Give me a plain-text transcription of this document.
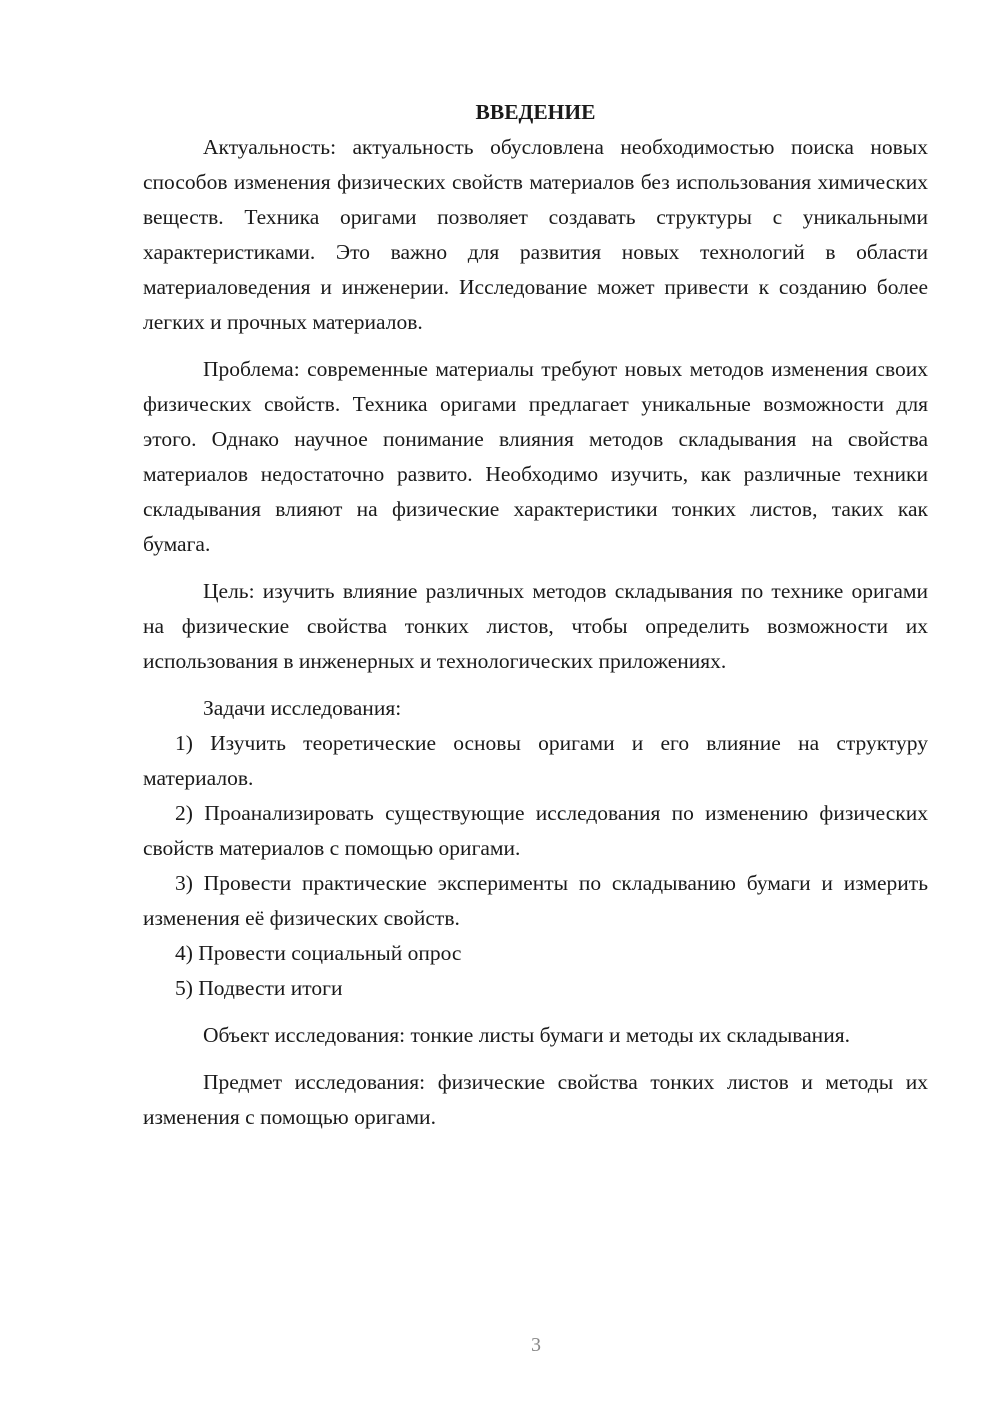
ВВЕДЕНИЕ

Актуальность: актуальность обусловлена необходимостью поиска новых способов изменения физических свойств материалов без использования химических веществ. Техника оригами позволяет создавать структуры с уникальными характеристиками. Это важно для развития новых технологий в области материаловедения и инженерии. Исследование может привести к созданию более легких и прочных материалов.

Проблема: современные материалы требуют новых методов изменения своих физических свойств. Техника оригами предлагает уникальные возможности для этого. Однако научное понимание влияния методов складывания на свойства материалов недостаточно развито. Необходимо изучить, как различные техники складывания влияют на физические характеристики тонких листов, таких как бумага.

Цель: изучить влияние различных методов складывания по технике оригами на физические свойства тонких листов, чтобы определить возможности их использования в инженерных и технологических приложениях.

Задачи исследования:

1) Изучить теоретические основы оригами и его влияние на структуру материалов.

2) Проанализировать существующие исследования по изменению физических свойств материалов с помощью оригами.

3) Провести практические эксперименты по складыванию бумаги и измерить изменения её физических свойств.

4) Провести социальный опрос

5) Подвести итоги

Объект исследования: тонкие листы бумаги и методы их складывания.

Предмет исследования: физические свойства тонких листов и методы их изменения с помощью оригами.

3
